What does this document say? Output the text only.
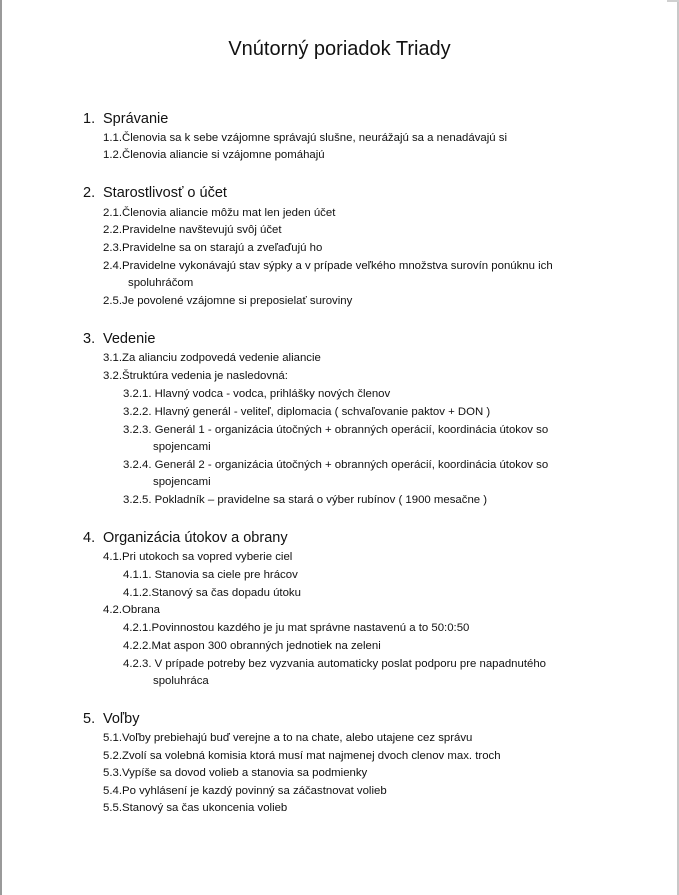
Vnútorný poriadok Triady
1. Správanie
1.1.Členovia sa k sebe vzájomne správajú slušne, neurážajú sa a nenadávajú si
1.2.Členovia aliancie si vzájomne pomáhajú
2. Starostlivosť o účet
2.1.Členovia aliancie môžu mat len jeden účet
2.2.Pravidelne navštevujú svôj účet
2.3.Pravidelne sa on starajú a zveľaďujú ho
2.4.Pravidelne vykonávajú stav sýpky a v prípade veľkého množstva surovín ponúknu ich
spoluhráčom
2.5.Je povolené vzájomne si preposielať suroviny
3. Vedenie
3.1.Za alianciu zodpovedá vedenie aliancie
3.2.Štruktúra vedenia je nasledovná:
3.2.1. Hlavný vodca - vodca, prihlášky nových členov
3.2.2. Hlavný generál - veliteľ, diplomacia ( schvaľovanie paktov + DON )
3.2.3. Generál 1 - organizácia útočných + obranných operácií, koordinácia útokov so
spojencami
3.2.4. Generál 2 - organizácia útočných + obranných operácií, koordinácia útokov so
spojencami
3.2.5. Pokladník – pravidelne sa stará o výber rubínov ( 1900 mesačne )
4. Organizácia útokov a obrany
4.1.Pri utokoch sa vopred vyberie ciel
4.1.1. Stanovia sa ciele pre hrácov
4.1.2.Stanový sa čas dopadu útoku
4.2.Obrana
4.2.1.Povinnostou kazdého je ju mat správne nastavenú a to 50:0:50
4.2.2.Mat aspon 300 obranných jednotiek na zeleni
4.2.3. V prípade potreby bez vyzvania automaticky poslat podporu pre napadnutého
spoluhráca
5. Voľby
5.1.Voľby prebiehajú buď verejne a to na chate, alebo utajene cez správu
5.2.Zvolí sa volebná komisia ktorá musí mat najmenej dvoch clenov max. troch
5.3.Vypíše sa dovod volieb a stanovia sa podmienky
5.4.Po vyhlásení je kazdý povinný sa záčastnovat volieb
5.5.Stanový sa čas ukoncenia volieb
